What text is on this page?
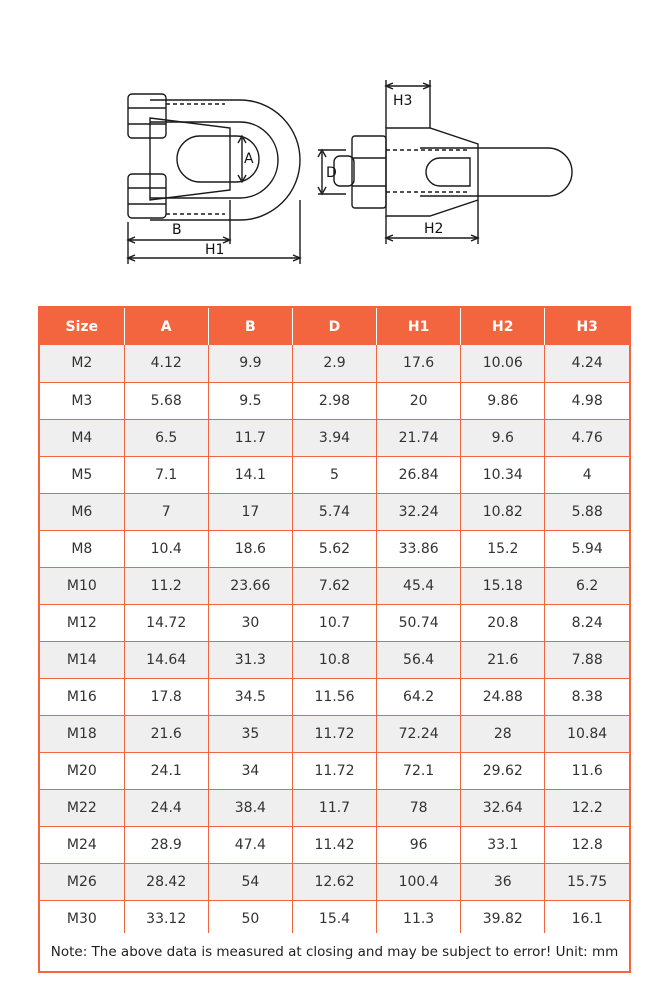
A
B
H1
D
H3
H2
Size	A	B	D	H1	H2	H3
M2	4.12	9.9	2.9	17.6	10.06	4.24
M3	5.68	9.5	2.98	20	9.86	4.98
M4	6.5	11.7	3.94	21.74	9.6	4.76
M5	7.1	14.1	5	26.84	10.34	4
M6	7	17	5.74	32.24	10.82	5.88
M8	10.4	18.6	5.62	33.86	15.2	5.94
M10	11.2	23.66	7.62	45.4	15.18	6.2
M12	14.72	30	10.7	50.74	20.8	8.24
M14	14.64	31.3	10.8	56.4	21.6	7.88
M16	17.8	34.5	11.56	64.2	24.88	8.38
M18	21.6	35	11.72	72.24	28	10.84
M20	24.1	34	11.72	72.1	29.62	11.6
M22	24.4	38.4	11.7	78	32.64	12.2
M24	28.9	47.4	11.42	96	33.1	12.8
M26	28.42	54	12.62	100.4	36	15.75
M30	33.12	50	15.4	11.3	39.82	16.1
Note: The above data is measured at closing and may be subject to error! Unit: mm
